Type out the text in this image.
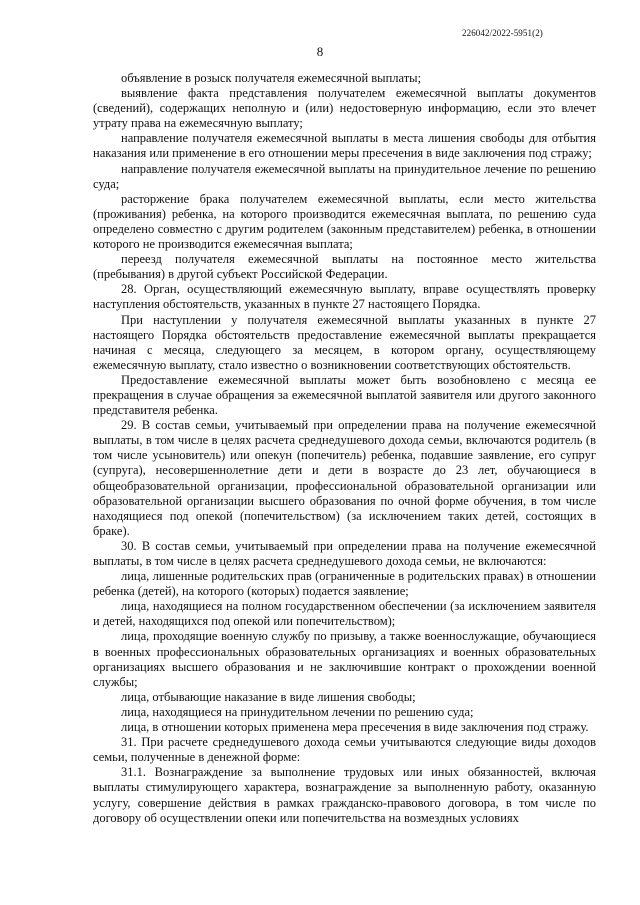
226042/2022-5951(2)
8

объявление в розыск получателя ежемесячной выплаты;

выявление факта представления получателем ежемесячной выплаты документов (сведений), содержащих неполную и (или) недостоверную информацию, если это влечет утрату права на ежемесячную выплату;

направление получателя ежемесячной выплаты в места лишения свободы для отбытия наказания или применение в его отношении меры пресечения в виде заключения под стражу;

направление получателя ежемесячной выплаты на принудительное лечение по решению суда;

расторжение брака получателем ежемесячной выплаты, если место жительства (проживания) ребенка, на которого производится ежемесячная выплата, по решению суда определено совместно с другим родителем (законным представителем) ребенка, в отношении которого не производится ежемесячная выплата;

переезд получателя ежемесячной выплаты на постоянное место жительства (пребывания) в другой субъект Российской Федерации.

28. Орган, осуществляющий ежемесячную выплату, вправе осуществлять проверку наступления обстоятельств, указанных в пункте 27 настоящего Порядка.

При наступлении у получателя ежемесячной выплаты указанных в пункте 27 настоящего Порядка обстоятельств предоставление ежемесячной выплаты прекращается начиная с месяца, следующего за месяцем, в котором органу, осуществляющему ежемесячную выплату, стало известно о возникновении соответствующих обстоятельств.

Предоставление ежемесячной выплаты может быть возобновлено с месяца ее прекращения в случае обращения за ежемесячной выплатой заявителя или другого законного представителя ребенка.

29. В состав семьи, учитываемый при определении права на получение ежемесячной выплаты, в том числе в целях расчета среднедушевого дохода семьи, включаются родитель (в том числе усыновитель) или опекун (попечитель) ребенка, подавшие заявление, его супруг (супруга), несовершеннолетние дети и дети в возрасте до 23 лет, обучающиеся в общеобразовательной организации, профессиональной образовательной организации или образовательной организации высшего образования по очной форме обучения, в том числе находящиеся под опекой (попечительством) (за исключением таких детей, состоящих в браке).

30. В состав семьи, учитываемый при определении права на получение ежемесячной выплаты, в том числе в целях расчета среднедушевого дохода семьи, не включаются:

лица, лишенные родительских прав (ограниченные в родительских правах) в отношении ребенка (детей), на которого (которых) подается заявление;

лица, находящиеся на полном государственном обеспечении (за исключением заявителя и детей, находящихся под опекой или попечительством);

лица, проходящие военную службу по призыву, а также военнослужащие, обучающиеся в военных профессиональных образовательных организациях и военных образовательных организациях высшего образования и не заключившие контракт о прохождении военной службы;

лица, отбывающие наказание в виде лишения свободы;

лица, находящиеся на принудительном лечении по решению суда;

лица, в отношении которых применена мера пресечения в виде заключения под стражу.

31. При расчете среднедушевого дохода семьи учитываются следующие виды доходов семьи, полученные в денежной форме:

31.1. Вознаграждение за выполнение трудовых или иных обязанностей, включая выплаты стимулирующего характера, вознаграждение за выполненную работу, оказанную услугу, совершение действия в рамках гражданско-правового договора, в том числе по договору об осуществлении опеки или попечительства на возмездных условиях
